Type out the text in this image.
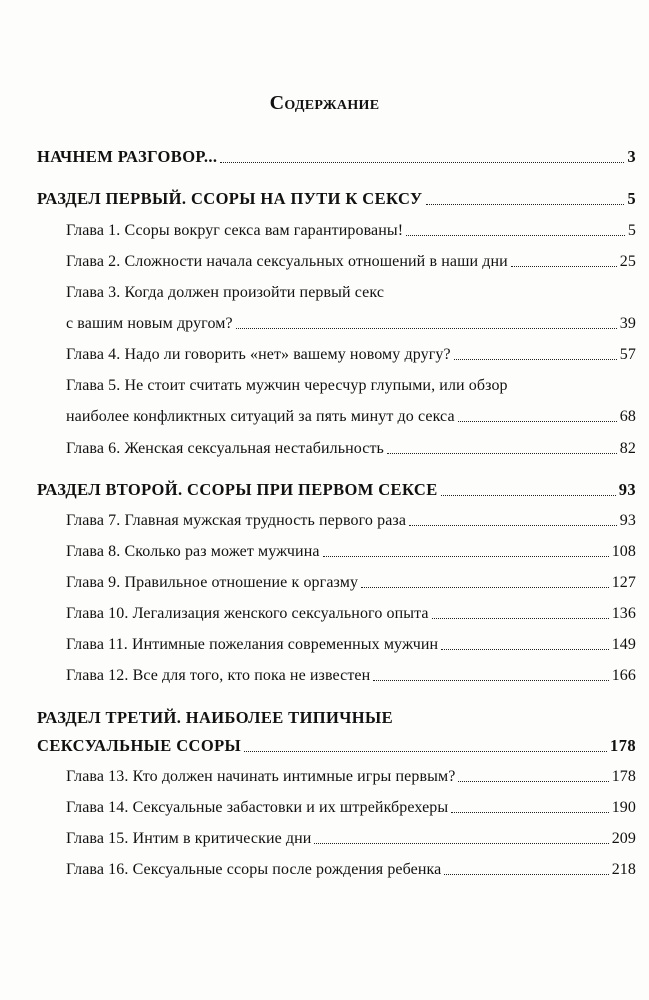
Содержание
НАЧНЕМ РАЗГОВОР...	3
РАЗДЕЛ ПЕРВЫЙ. ССОРЫ НА ПУТИ К СЕКСУ	5
Глава 1. Ссоры вокруг секса вам гарантированы!	5
Глава 2. Сложности начала сексуальных отношений в наши дни	25
Глава 3. Когда должен произойти первый секс
с вашим новым другом?	39
Глава 4. Надо ли говорить «нет» вашему новому другу?	57
Глава 5. Не стоит считать мужчин чересчур глупыми, или обзор
наиболее конфликтных ситуаций за пять минут до секса	68
Глава 6. Женская сексуальная нестабильность	82
РАЗДЕЛ ВТОРОЙ. ССОРЫ ПРИ ПЕРВОМ СЕКСЕ	93
Глава 7. Главная мужская трудность первого раза	93
Глава 8. Сколько раз может мужчина	108
Глава 9. Правильное отношение к оргазму	127
Глава 10. Легализация женского сексуального опыта	136
Глава 11. Интимные пожелания современных мужчин	149
Глава 12. Все для того, кто пока не известен	166
РАЗДЕЛ ТРЕТИЙ. НАИБОЛЕЕ ТИПИЧНЫЕ
СЕКСУАЛЬНЫЕ ССОРЫ	178
Глава 13. Кто должен начинать интимные игры первым?	178
Глава 14. Сексуальные забастовки и их штрейкбрехеры	190
Глава 15. Интим в критические дни	209
Глава 16. Сексуальные ссоры после рождения ребенка	218
